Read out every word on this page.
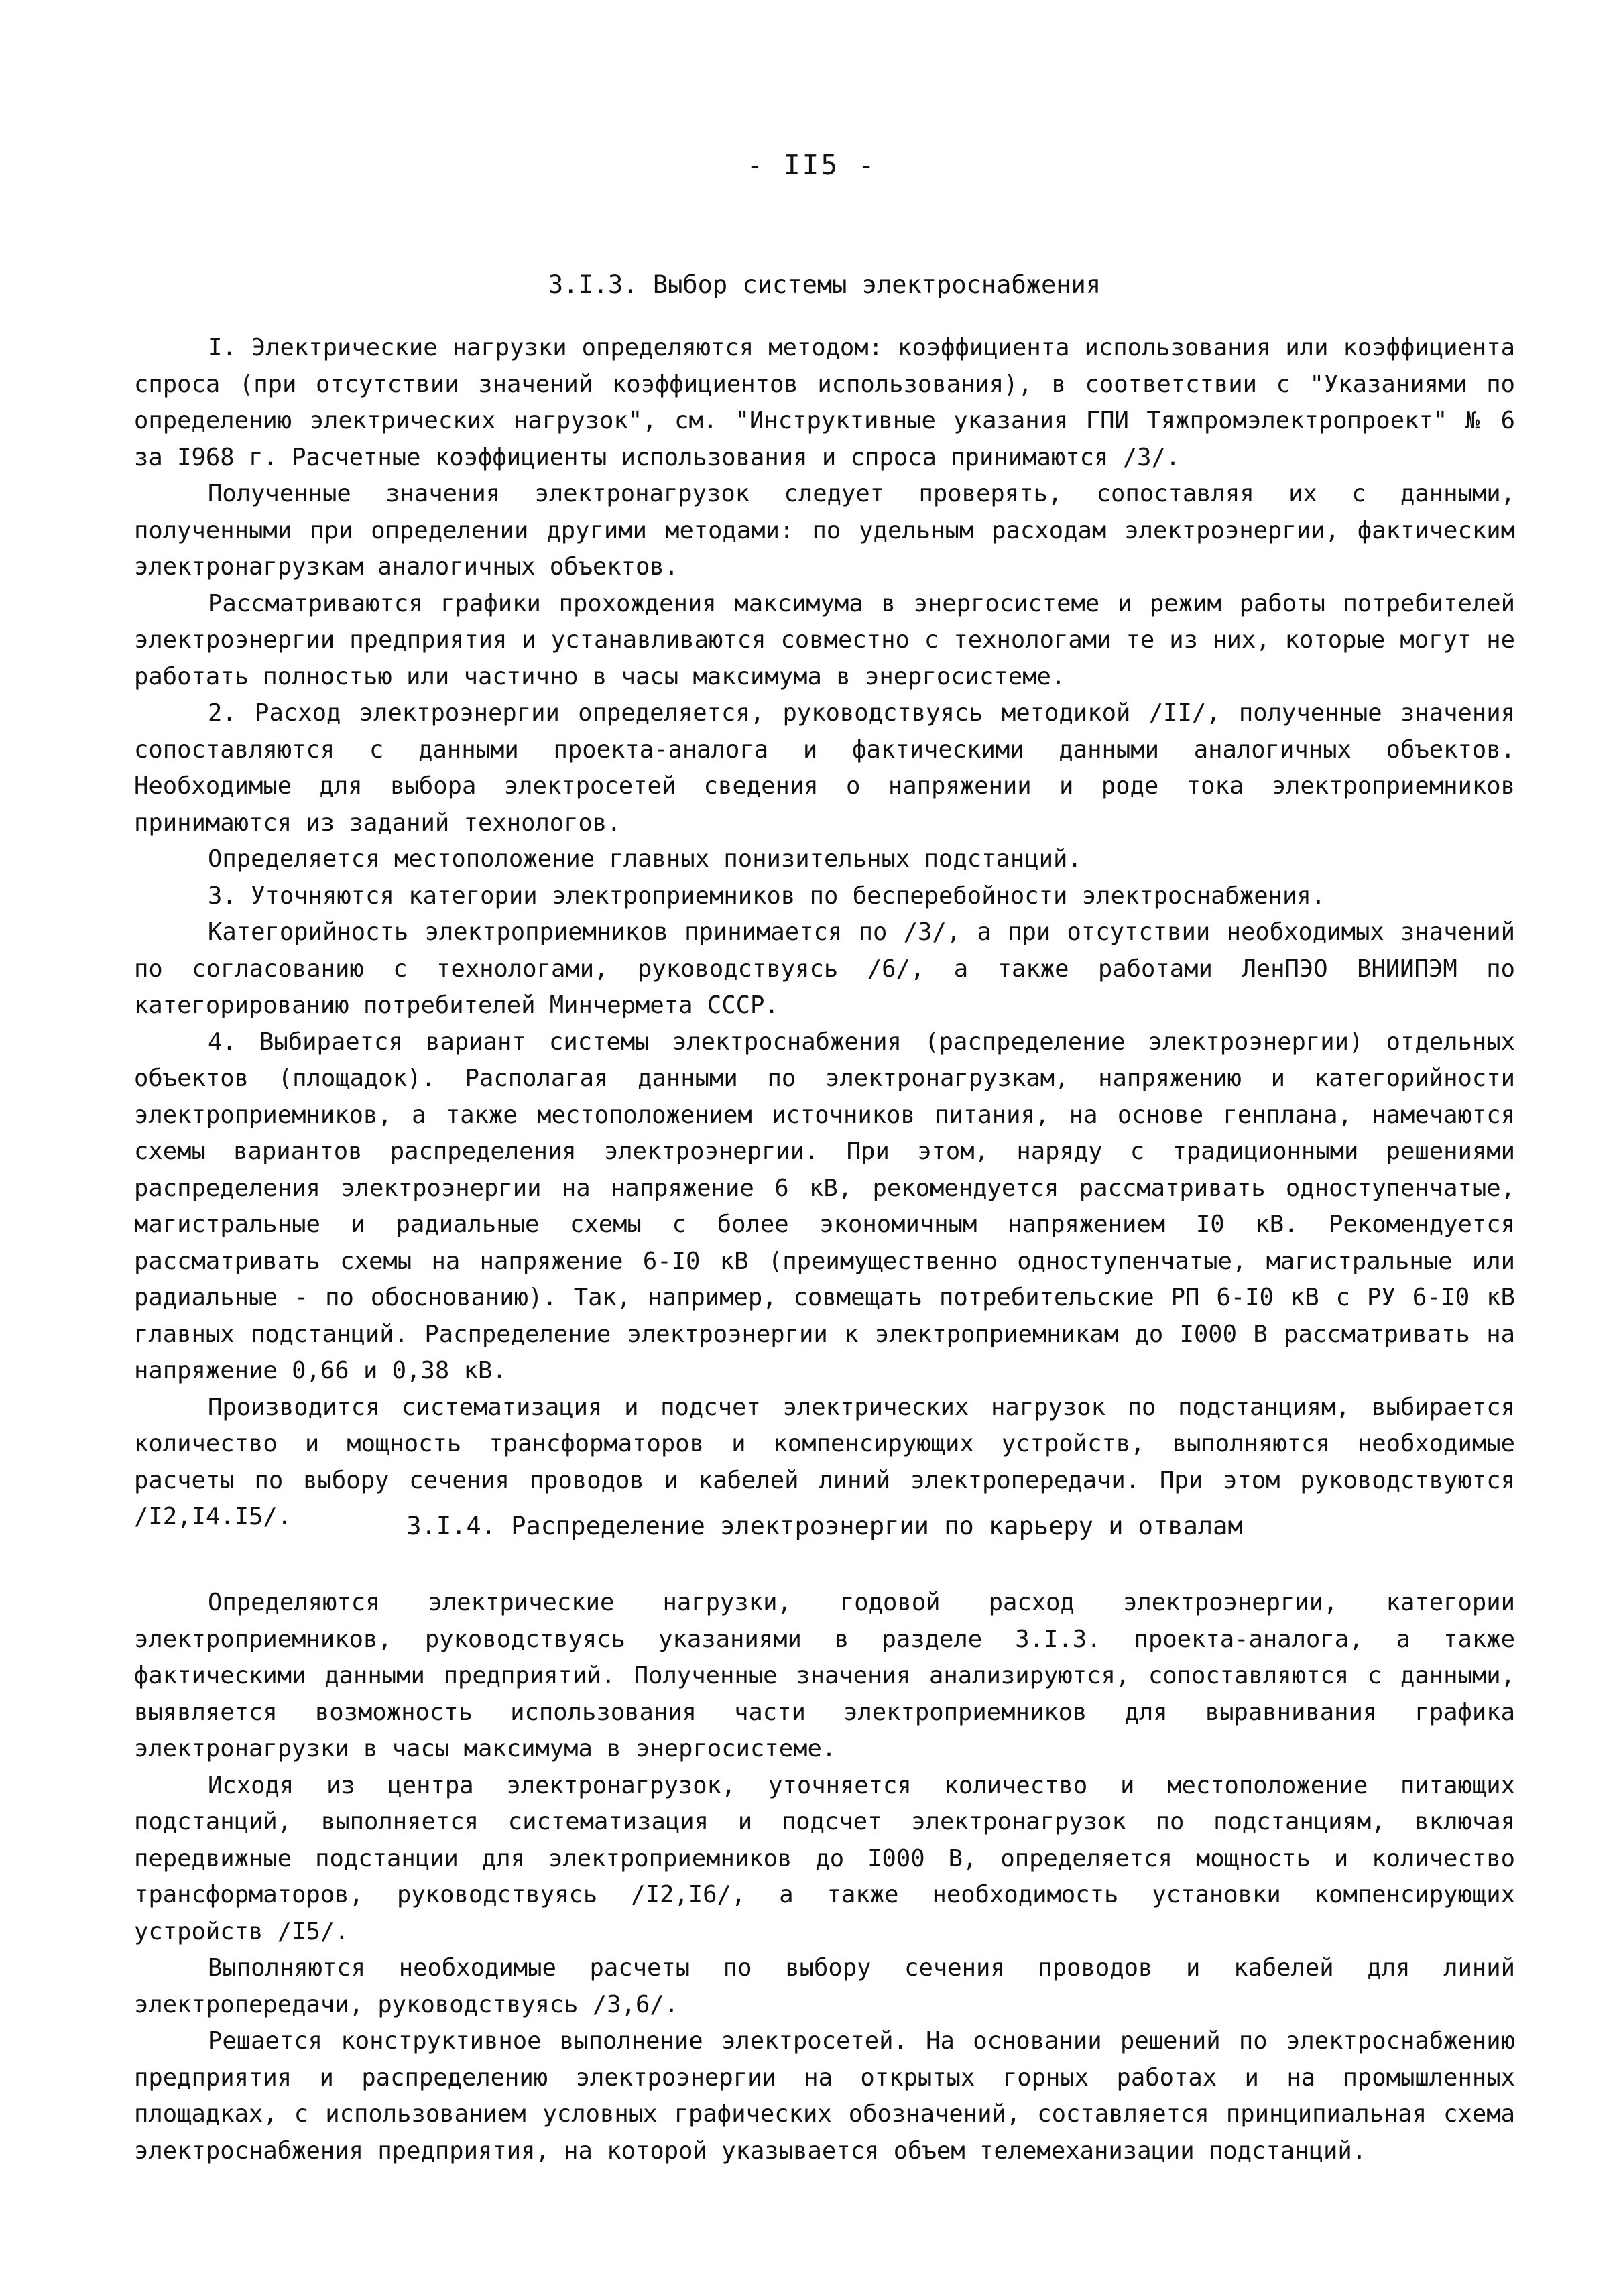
- II5 -
3.I.3. Выбор системы электроснабжения

I. Электрические нагрузки определяются методом: коэффициента использования или коэффициента спроса (при отсутствии значений коэффициентов использования), в соответствии с "Указаниями по определению электрических нагрузок", см. "Инструктивные указания ГПИ Тяжпромэлектропроект" № 6 за I968 г. Расчетные коэффициенты использования и спроса принимаются /3/.

Полученные значения электронагрузок следует проверять, сопоставляя их с данными, полученными при определении другими методами: по удельным расходам электроэнергии, фактическим электронагрузкам аналогичных объектов.

Рассматриваются графики прохождения максимума в энергосистеме и режим работы потребителей электроэнергии предприятия и устанавливаются совместно с технологами те из них, которые могут не работать полностью или частично в часы максимума в энергосистеме.

2. Расход электроэнергии определяется, руководствуясь методикой /II/, полученные значения сопоставляются с данными проекта-аналога и фактическими данными аналогичных объектов. Необходимые для выбора электросетей сведения о напряжении и роде тока электроприемников принимаются из заданий технологов.

Определяется местоположение главных понизительных подстанций.

3. Уточняются категории электроприемников по бесперебойности электроснабжения.

Категорийность электроприемников принимается по /3/, а при отсутствии необходимых значений по согласованию с технологами, руководствуясь /6/, а также работами ЛенПЭО ВНИИПЭМ по категорированию потребителей Минчермета СССР.

4. Выбирается вариант системы электроснабжения (распределение электроэнергии) отдельных объектов (площадок). Располагая данными по электронагрузкам, напряжению и категорийности электроприемников, а также местоположением источников питания, на основе генплана, намечаются схемы вариантов распределения электроэнергии. При этом, наряду с традиционными решениями распределения электроэнергии на напряжение 6 кВ, рекомендуется рассматривать одноступенчатые, магистральные и радиальные схемы с более экономичным напряжением I0 кВ. Рекомендуется рассматривать схемы на напряжение 6-I0 кВ (преимущественно одноступенчатые, магистральные или радиальные - по обоснованию). Так, например, совмещать потребительские РП 6-I0 кВ с РУ 6-I0 кВ главных подстанций. Распределение электроэнергии к электроприемникам до I000 В рассматривать на напряжение 0,66 и 0,38 кВ.

Производится систематизация и подсчет электрических нагрузок по подстанциям, выбирается количество и мощность трансформаторов и компенсирующих устройств, выполняются необходимые расчеты по выбору сечения проводов и кабелей линий электропередачи. При этом руководствуются /I2,I4.I5/.	3.I.4. Распределение электроэнергии по карьеру и отвалам

Определяются электрические нагрузки, годовой расход электроэнергии, категории электроприемников, руководствуясь указаниями в разделе 3.I.3. проекта-аналога, а также фактическими данными предприятий. Полученные значения анализируются, сопоставляются с данными, выявляется возможность использования части электроприемников для выравнивания графика электронагрузки в часы максимума в энергосистеме.

Исходя из центра электронагрузок, уточняется количество и местоположение питающих подстанций, выполняется систематизация и подсчет электронагрузок по подстанциям, включая передвижные подстанции для электроприемников до I000 В, определяется мощность и количество трансформаторов, руководствуясь /I2,I6/, а также необходимость установки компенсирующих устройств /I5/.

Выполняются необходимые расчеты по выбору сечения проводов и кабелей для линий электропередачи, руководствуясь /3,6/.

Решается конструктивное выполнение электросетей. На основании решений по электроснабжению предприятия и распределению электроэнергии на открытых горных работах и на промышленных площадках, с использованием условных графических обозначений, составляется принципиальная схема электроснабжения предприятия, на которой указывается объем телемеханизации подстанций.
